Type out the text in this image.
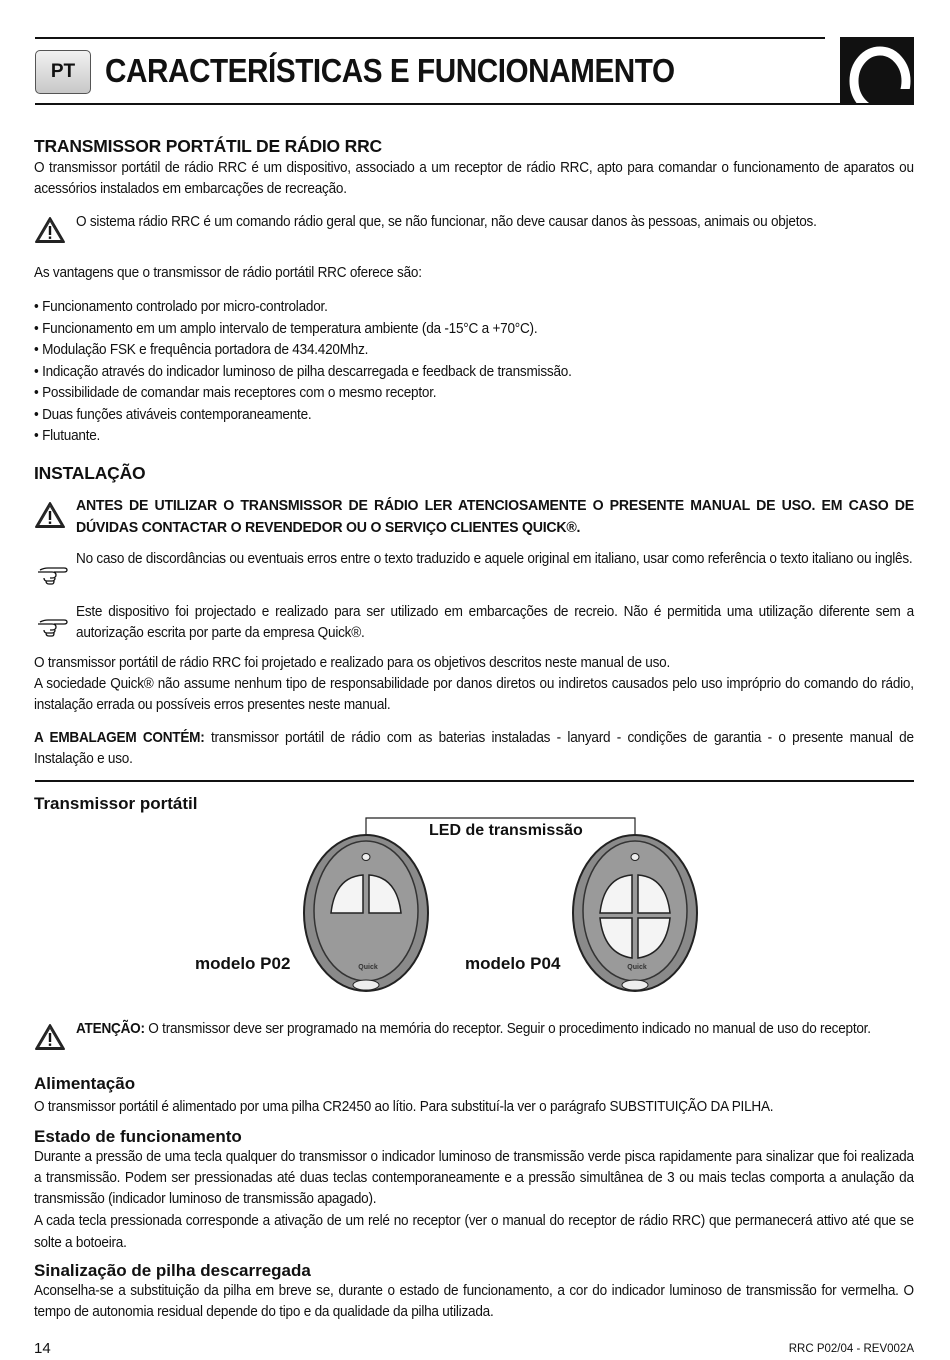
PT CARACTERÍSTICAS E FUNCIONAMENTO
TRANSMISSOR PORTÁTIL DE RÁDIO RRC
O transmissor portátil de rádio RRC é um dispositivo, associado a um receptor de rádio RRC, apto para comandar o funcionamento de aparatos ou acessórios instalados em embarcações de recreação.
O sistema rádio RRC é um comando rádio geral que, se não funcionar, não deve causar danos às pessoas, animais ou objetos.
As vantagens que o transmissor de rádio portátil RRC oferece são:
• Funcionamento controlado por micro-controlador.
• Funcionamento em um amplo intervalo de temperatura ambiente (da -15°C a +70°C).
• Modulação FSK e frequência portadora de 434.420Mhz.
• Indicação através do indicador luminoso de pilha descarregada e feedback de transmissão.
• Possibilidade de comandar mais receptores com o mesmo receptor.
• Duas funções ativáveis contemporaneamente.
• Flutuante.
INSTALAÇÃO
ANTES DE UTILIZAR O TRANSMISSOR DE RÁDIO LER ATENCIOSAMENTE O PRESENTE MANUAL DE USO. EM CASO DE DÚVIDAS CONTACTAR O REVENDEDOR OU O SERVIÇO CLIENTES QUICK®.
No caso de discordâncias ou eventuais erros entre o texto traduzido e aquele original em italiano, usar como referência o texto italiano ou inglês.
Este dispositivo foi projectado e realizado para ser utilizado em embarcações de recreio. Não é permitida uma utilização diferente sem a autorização escrita por parte da empresa Quick®.
O transmissor portátil de rádio RRC foi projetado e realizado para os objetivos descritos neste manual de uso.
A sociedade Quick® não assume nenhum tipo de responsabilidade por danos diretos ou indiretos causados pelo uso impróprio do comando do rádio, instalação errada ou possíveis erros presentes neste manual.
A EMBALAGEM CONTÉM: transmissor portátil de rádio com as baterias instaladas - lanyard - condições de garantia - o presente manual de Instalação e uso.
Transmissor portátil
LED de transmissão
modelo P02	modelo P04
ATENÇÃO: O transmissor deve ser programado na memória do receptor. Seguir o procedimento indicado no manual de uso do receptor.
Alimentação
O transmissor portátil é alimentado por uma pilha CR2450 ao lítio. Para substituí-la ver o parágrafo SUBSTITUIÇÃO DA PILHA.
Estado de funcionamento
Durante a pressão de uma tecla qualquer do transmissor o indicador luminoso de transmissão verde pisca rapidamente para sinalizar que foi realizada a transmissão. Podem ser pressionadas até duas teclas contemporaneamente e a pressão simultânea de 3 ou mais teclas comporta a anulação da transmissão (indicador luminoso de transmissão apagado).
A cada tecla pressionada corresponde a ativação de um relé no receptor (ver o manual do receptor de rádio RRC) que permanecerá attivo até que se solte a botoeira.
Sinalização de pilha descarregada
Aconselha-se a substituição da pilha em breve se, durante o estado de funcionamento, a cor do indicador luminoso de transmissão for vermelha. O tempo de autonomia residual depende do tipo e da qualidade da pilha utilizada.
14	RRC P02/04 - REV002A
